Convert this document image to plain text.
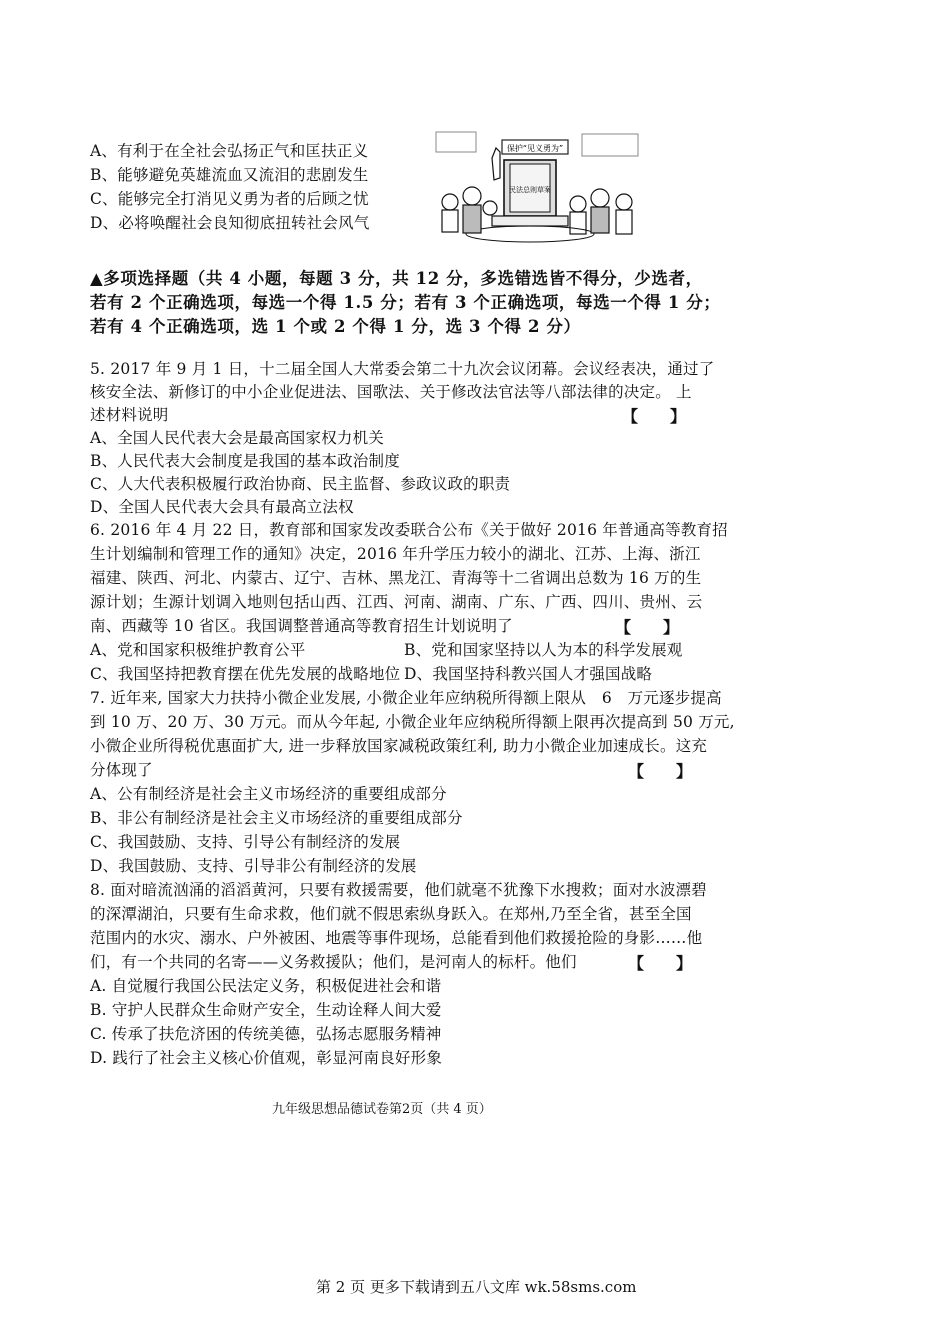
A、有利于在全社会弘扬正气和匡扶正义
B、能够避免英雄流血又流泪的悲剧发生
C、能够完全打消见义勇为者的后顾之忧
D、必将唤醒社会良知彻底扭转社会风气
保护“见义勇为”
民法总则草案
▲多项选择题（共 4 小题，每题 3 分，共 12 分，多选错选皆不得分，少选者，
若有 2 个正确选项，每选一个得 1.5 分；若有 3 个正确选项，每选一个得 1 分；
若有 4 个正确选项，选 1 个或 2 个得 1 分，选 3 个得 2 分）
5. 2017 年 9 月 1 日，十二届全国人大常委会第二十九次会议闭幕。会议经表决，通过了
核安全法、新修订的中小企业促进法、国歌法、关于修改法官法等八部法律的决定。 上
述材料说明	【　　】
A、全国人民代表大会是最高国家权力机关
B、人民代表大会制度是我国的基本政治制度
C、人大代表积极履行政治协商、民主监督、参政议政的职责
D、全国人民代表大会具有最高立法权
6. 2016 年 4 月 22 日，教育部和国家发改委联合公布《关于做好 2016 年普通高等教育招
生计划编制和管理工作的通知》决定，2016 年升学压力较小的湖北、江苏、上海、浙江
福建、陕西、河北、内蒙古、辽宁、吉林、黑龙江、青海等十二省调出总数为 16 万的生
源计划；生源计划调入地则包括山西、江西、河南、湖南、广东、广西、四川、贵州、云
南、西藏等 10 省区。我国调整普通高等教育招生计划说明了	【　　】
A、党和国家积极维护教育公平	B、党和国家坚持以人为本的科学发展观
C、我国坚持把教育摆在优先发展的战略地位 D、我国坚持科教兴国人才强国战略
7. 近年来, 国家大力扶持小微企业发展, 小微企业年应纳税所得额上限从　6　万元逐步提高
到 10 万、20 万、30 万元。而从今年起, 小微企业年应纳税所得额上限再次提高到 50 万元,
小微企业所得税优惠面扩大, 进一步释放国家减税政策红利, 助力小微企业加速成长。这充
分体现了	【　　】
A、公有制经济是社会主义市场经济的重要组成部分
B、非公有制经济是社会主义市场经济的重要组成部分
C、我国鼓励、支持、引导公有制经济的发展
D、我国鼓励、支持、引导非公有制经济的发展
8. 面对暗流汹涌的滔滔黄河，只要有救援需要，他们就毫不犹豫下水搜救；面对水波漂碧
的深潭湖泊，只要有生命求救，他们就不假思索纵身跃入。在郑州,乃至全省，甚至全国
范围内的水灾、溺水、户外被困、地震等事件现场，总能看到他们救援抢险的身影……他
们，有一个共同的名寄——义务救援队；他们，是河南人的标杆。他们	【　　】
A. 自觉履行我国公民法定义务，积极促进社会和谐
B. 守护人民群众生命财产安全，生动诠释人间大爱
C. 传承了扶危济困的传统美德，弘扬志愿服务精神
D. 践行了社会主义核心价值观，彰显河南良好形象
九年级思想品德试卷第2页（共 4 页）
第 2 页 更多下载请到五八文库 wk.58sms.com
